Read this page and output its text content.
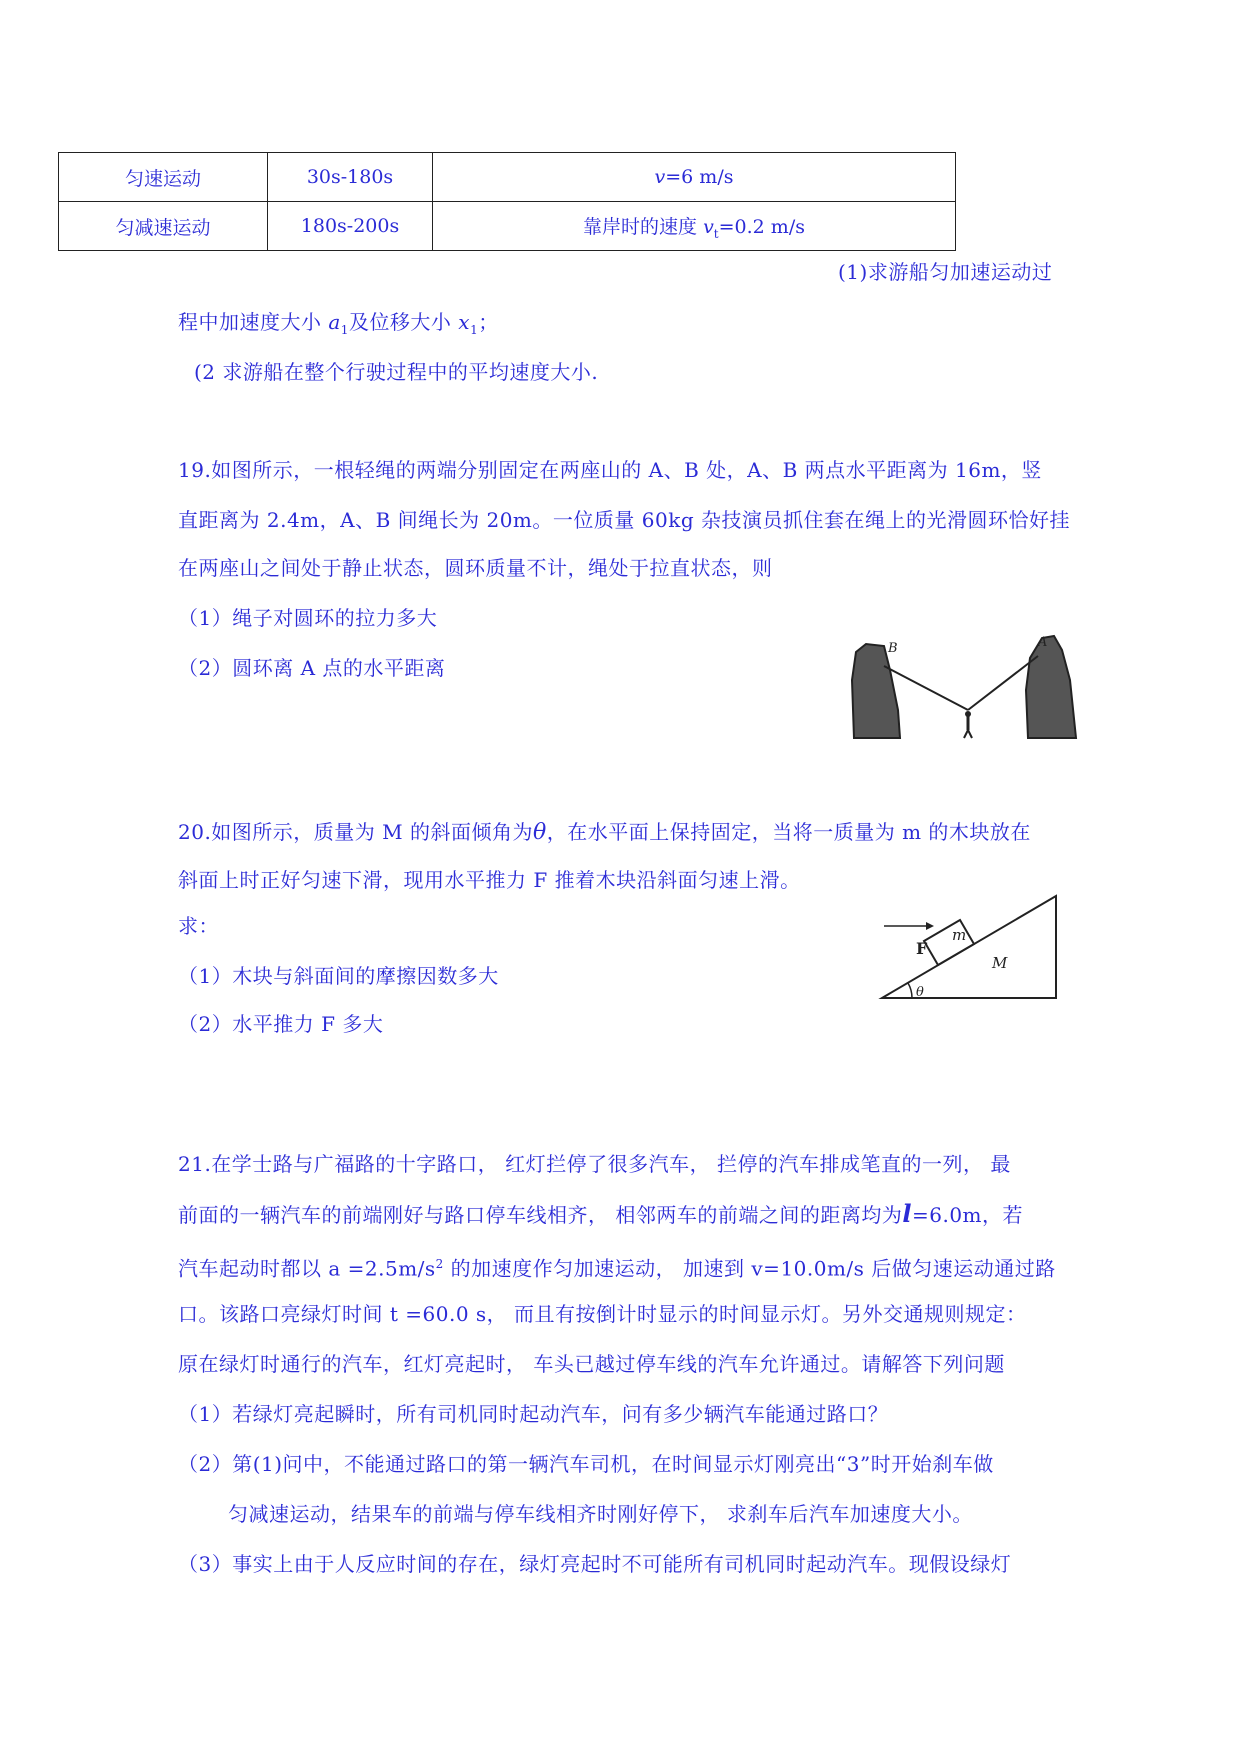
匀速运动	30s-180s	v=6 m/s
匀减速运动	180s-200s	靠岸时的速度 $v_t=0.2$ m/s
(1)求游船匀加速运动过
程中加速度大小 $a_1$及位移大小 $x_1$；
(2 求游船在整个行驶过程中的平均速度大小.
19.如图所示，一根轻绳的两端分别固定在两座山的 A、B 处，A、B 两点水平距离为 16m，竖
直距离为 2.4m，A、B 间绳长为 20m。一位质量 60kg 杂技演员抓住套在绳上的光滑圆环恰好挂
在两座山之间处于静止状态，圆环质量不计，绳处于拉直状态，则
（1）绳子对圆环的拉力多大
（2）圆环离 A 点的水平距离
B	A
20.如图所示，质量为 M 的斜面倾角为θ，在水平面上保持固定，当将一质量为 m 的木块放在
斜面上时正好匀速下滑，现用水平推力 F 推着木块沿斜面匀速上滑。
求：
（1）木块与斜面间的摩擦因数多大
（2）水平推力 F 多大
m
M
F
θ
21.在学士路与广福路的十字路口， 红灯拦停了很多汽车， 拦停的汽车排成笔直的一列， 最
前面的一辆汽车的前端刚好与路口停车线相齐， 相邻两车的前端之间的距离均为l=6.0m，若
汽车起动时都以 $a =2.5m/s^2$ 的加速度作匀加速运动， 加速到 v=10.0m/s 后做匀速运动通过路
口。该路口亮绿灯时间 t =60.0 s， 而且有按倒计时显示的时间显示灯。另外交通规则规定：
原在绿灯时通行的汽车，红灯亮起时， 车头已越过停车线的汽车允许通过。请解答下列问题
（1）若绿灯亮起瞬时，所有司机同时起动汽车，问有多少辆汽车能通过路口？
（2）第(1)问中，不能通过路口的第一辆汽车司机，在时间显示灯刚亮出“3”时开始刹车做
匀减速运动，结果车的前端与停车线相齐时刚好停下， 求刹车后汽车加速度大小。
（3）事实上由于人反应时间的存在，绿灯亮起时不可能所有司机同时起动汽车。现假设绿灯
